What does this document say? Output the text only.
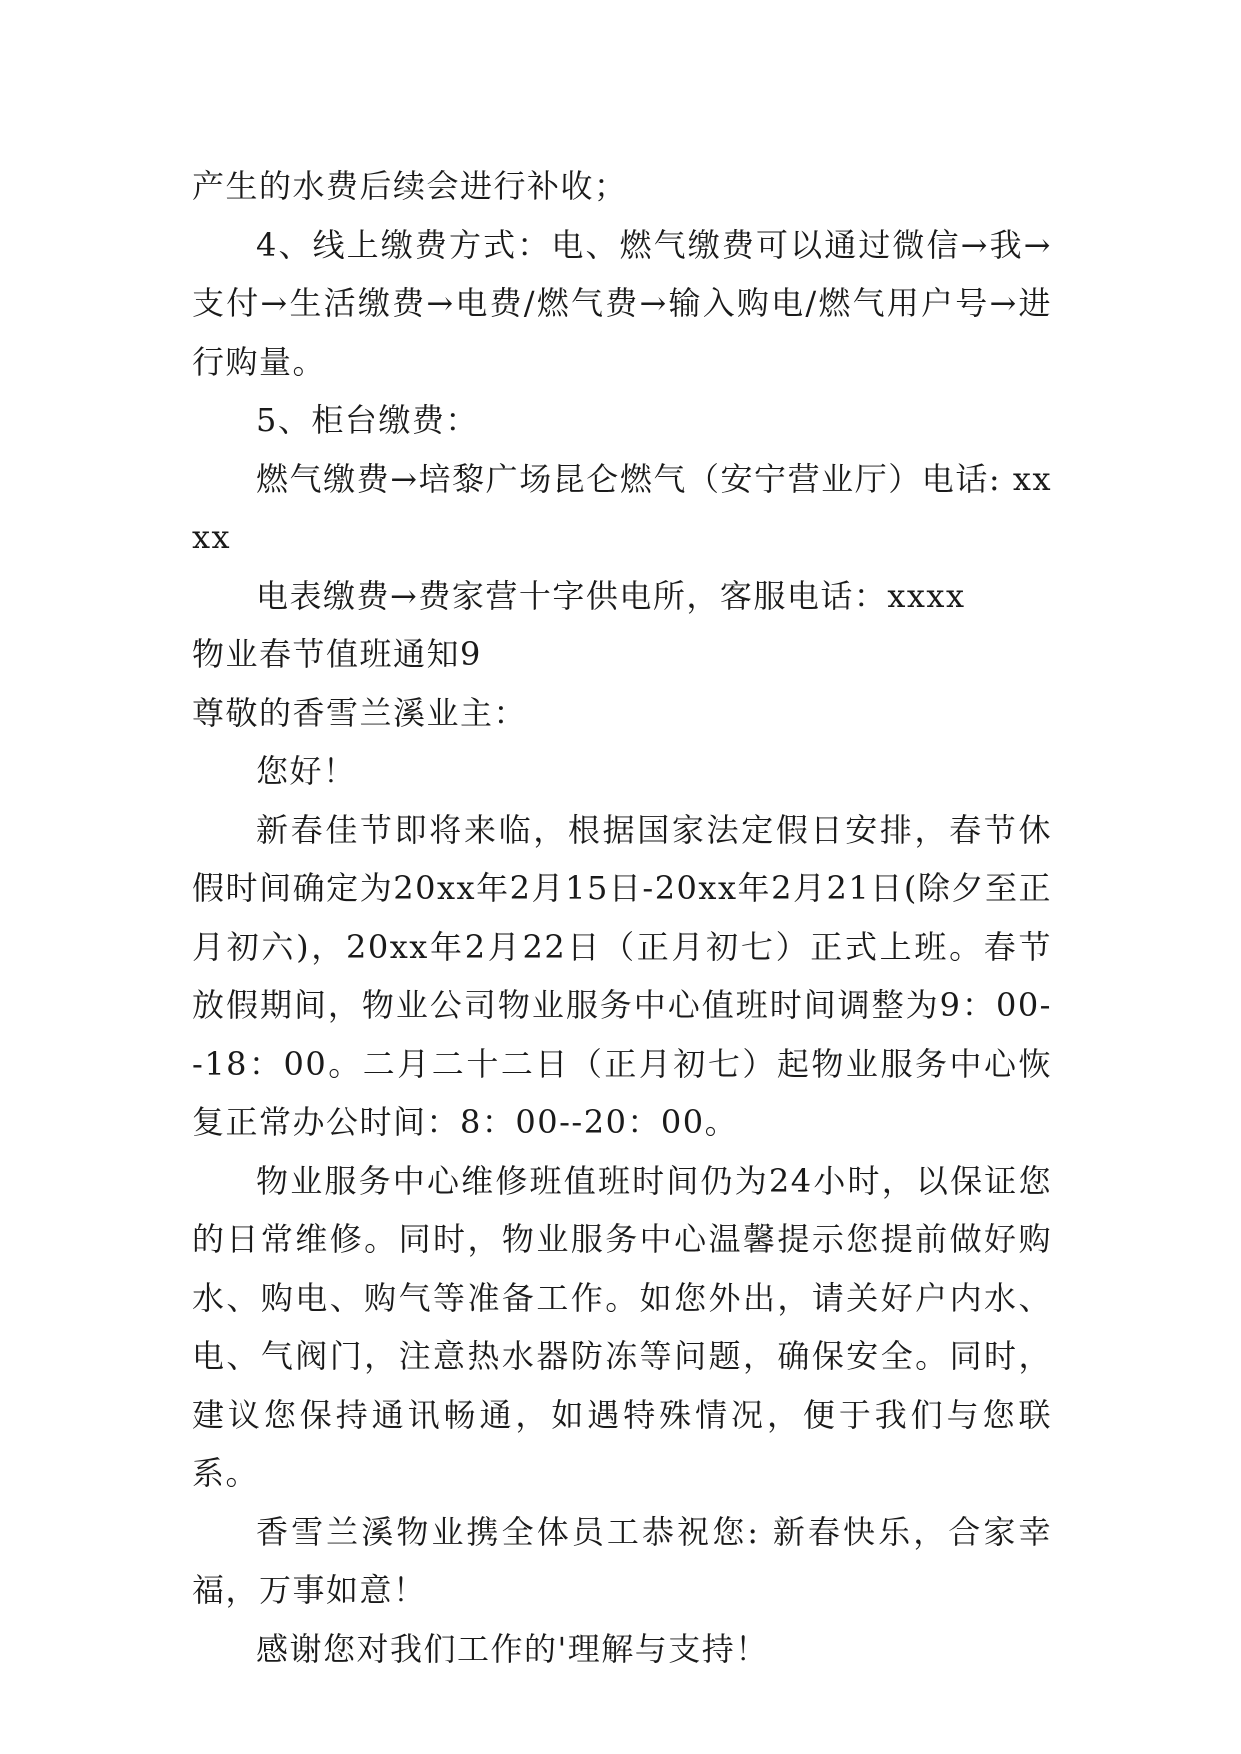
产生的水费后续会进行补收；

4、线上缴费方式：电、燃气缴费可以通过微信→我→支付→生活缴费→电费/燃气费→输入购电/燃气用户号→进行购量。

5、柜台缴费：

燃气缴费→培黎广场昆仑燃气（安宁营业厅）电话: xxxx

电表缴费→费家营十字供电所，客服电话：xxxx

物业春节值班通知9

尊敬的香雪兰溪业主：

您好！

新春佳节即将来临，根据国家法定假日安排，春节休假时间确定为20xx年2月15日-20xx年2月21日(除夕至正月初六)，20xx年2月22日（正月初七）正式上班。春节放假期间，物业公司物业服务中心值班时间调整为9：00--18：00。二月二十二日（正月初七）起物业服务中心恢复正常办公时间：8：00--20：00。

物业服务中心维修班值班时间仍为24小时，以保证您的日常维修。同时，物业服务中心温馨提示您提前做好购水、购电、购气等准备工作。如您外出，请关好户内水、电、气阀门，注意热水器防冻等问题，确保安全。同时，建议您保持通讯畅通，如遇特殊情况，便于我们与您联系。

香雪兰溪物业携全体员工恭祝您: 新春快乐，合家幸福，万事如意！

感谢您对我们工作的'理解与支持！
